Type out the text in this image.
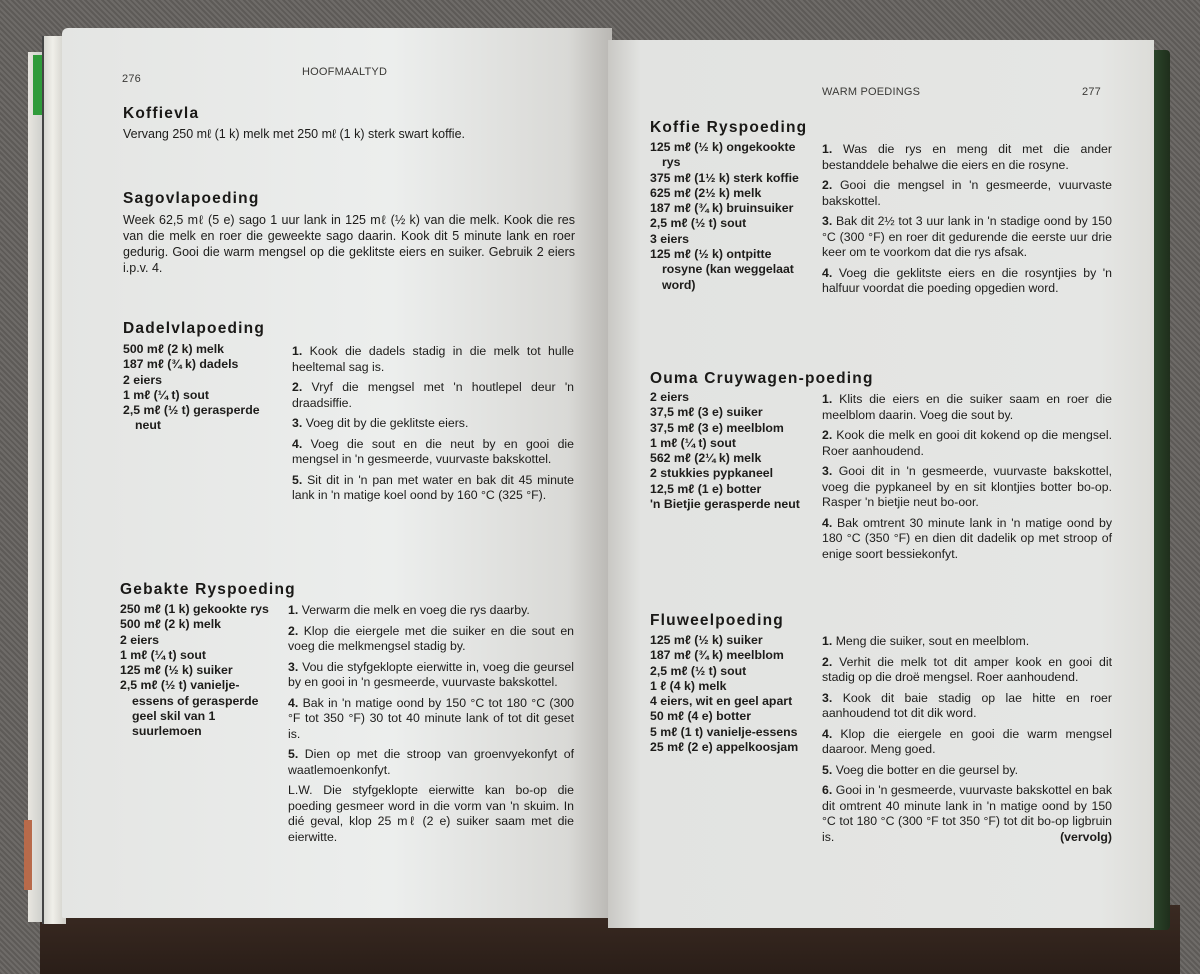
276
HOOFMAALTYD
Koffievla
Vervang 250 mℓ (1 k) melk met 250 mℓ (1 k) sterk swart koffie.
Sagovlapoeding
Week 62,5 mℓ (5 e) sago 1 uur lank in 125 mℓ (½ k) van die melk. Kook die res van die melk en roer die geweekte sago daarin. Kook dit 5 minute lank en roer gedurig. Gooi die warm mengsel op die geklitste eiers en suiker. Gebruik 2 eiers i.p.v. 4.
Dadelvlapoeding
500 mℓ (2 k) melk
187 mℓ (¾ k) dadels
2 eiers
1 mℓ (¼ t) sout
2,5 mℓ (½ t) gerasperde neut

1. Kook die dadels stadig in die melk tot hulle heeltemal sag is.

2. Vryf die mengsel met 'n houtlepel deur 'n draadsiffie.

3. Voeg dit by die geklitste eiers.

4. Voeg die sout en die neut by en gooi die mengsel in 'n gesmeerde, vuurvaste bakskottel.

5. Sit dit in 'n pan met water en bak dit 45 minute lank in 'n matige koel oond by 160 °C (325 °F).

Gebakte Ryspoeding
250 mℓ (1 k) gekookte rys
500 mℓ (2 k) melk
2 eiers
1 mℓ (¼ t) sout
125 mℓ (½ k) suiker
2,5 mℓ (½ t) vanielje-essens of gerasperde geel skil van 1 suurlemoen

1. Verwarm die melk en voeg die rys daarby.

2. Klop die eiergele met die suiker en die sout en voeg die melkmengsel stadig by.

3. Vou die styfgeklopte eierwitte in, voeg die geursel by en gooi in 'n gesmeerde, vuurvaste bakskottel.

4. Bak in 'n matige oond by 150 °C tot 180 °C (300 °F tot 350 °F) 30 tot 40 minute lank of tot dit geset is.

5. Dien op met die stroop van groenvyekonfyt of waatlemoenkonfyt.

L.W. Die styfgeklopte eierwitte kan bo-op die poeding gesmeer word in die vorm van 'n skuim. In dié geval, klop 25 mℓ (2 e) suiker saam met die eierwitte.

WARM POEDINGS	277
Koffie Ryspoeding
125 mℓ (½ k) ongekookte rys
375 mℓ (1½ k) sterk koffie
625 mℓ (2½ k) melk
187 mℓ (¾ k) bruinsuiker
2,5 mℓ (½ t) sout
3 eiers
125 mℓ (½ k) ontpitte rosyne (kan weggelaat word)

1. Was die rys en meng dit met die ander bestanddele behalwe die eiers en die rosyne.

2. Gooi die mengsel in 'n gesmeerde, vuurvaste bakskottel.

3. Bak dit 2½ tot 3 uur lank in 'n stadige oond by 150 °C (300 °F) en roer dit gedurende die eerste uur drie keer om te voorkom dat die rys afsak.

4. Voeg die geklitste eiers en die rosyntjies by 'n halfuur voordat die poeding opgedien word.

Ouma Cruywagen-poeding
2 eiers
37,5 mℓ (3 e) suiker
37,5 mℓ (3 e) meelblom
1 mℓ (¼ t) sout
562 mℓ (2¼ k) melk
2 stukkies pypkaneel
12,5 mℓ (1 e) botter
'n Bietjie gerasperde neut

1. Klits die eiers en die suiker saam en roer die meelblom daarin. Voeg die sout by.

2. Kook die melk en gooi dit kokend op die mengsel. Roer aanhoudend.

3. Gooi dit in 'n gesmeerde, vuurvaste bakskottel, voeg die pypkaneel by en sit klontjies botter bo-op. Rasper 'n bietjie neut bo-oor.

4. Bak omtrent 30 minute lank in 'n matige oond by 180 °C (350 °F) en dien dit dadelik op met stroop of enige soort bessiekonfyt.

Fluweelpoeding
125 mℓ (½ k) suiker
187 mℓ (¾ k) meelblom
2,5 mℓ (½ t) sout
1 ℓ (4 k) melk
4 eiers, wit en geel apart
50 mℓ (4 e) botter
5 mℓ (1 t) vanielje-essens
25 mℓ (2 e) appelkoosjam

1. Meng die suiker, sout en meelblom.

2. Verhit die melk tot dit amper kook en gooi dit stadig op die droë mengsel. Roer aanhoudend.

3. Kook dit baie stadig op lae hitte en roer aanhoudend tot dit dik word.

4. Klop die eiergele en gooi die warm mengsel daaroor. Meng goed.

5. Voeg die botter en die geursel by.

6. Gooi in 'n gesmeerde, vuurvaste bakskottel en bak dit omtrent 40 minute lank in 'n matige oond by 150 °C tot 180 °C (300 °F tot 350 °F) tot dit bo-op ligbruin is.	(vervolg)
